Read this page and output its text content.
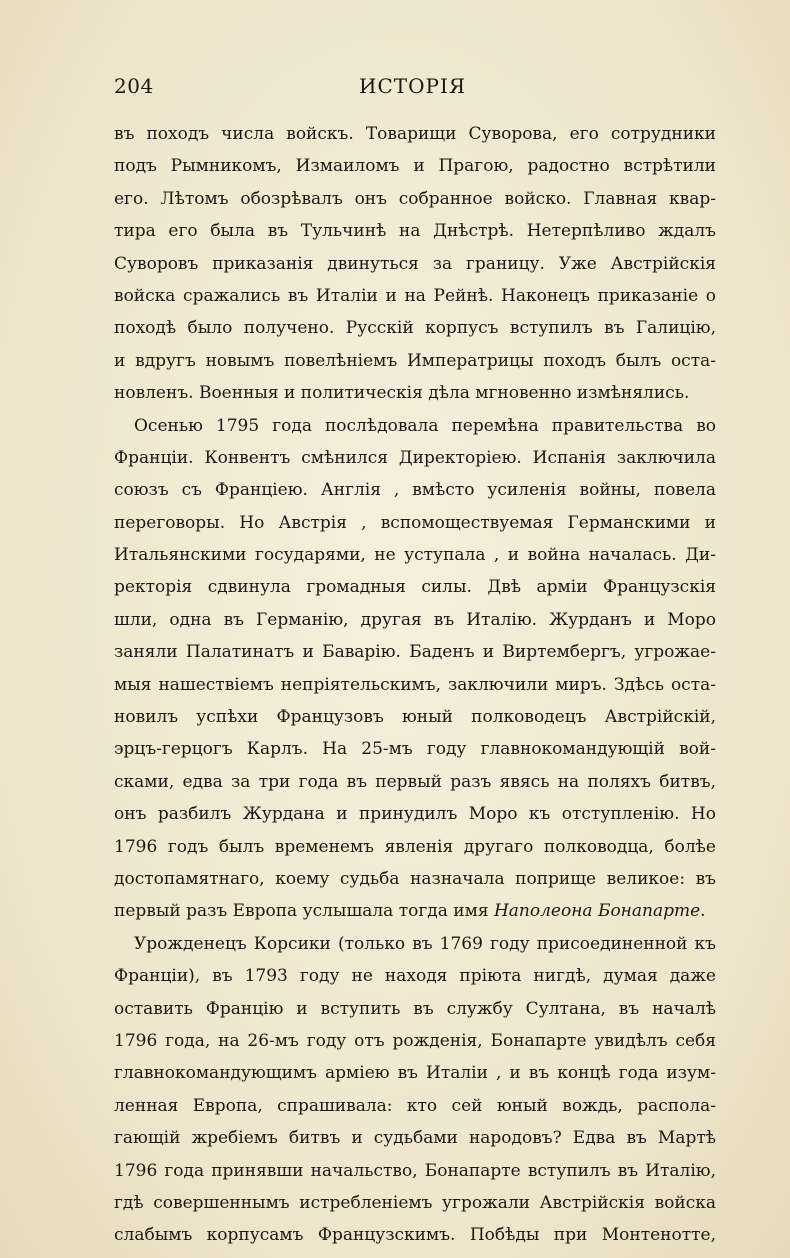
204	ИСТОРІЯ
въ походъ числа войскъ. Товарищи Суворова, его сотрудники
подъ Рымникомъ, Измаиломъ и Прагою, радостно встрѣтили
его. Лѣтомъ обозрѣвалъ онъ собранное войско. Главная квар-
тира его была въ Тульчинѣ на Днѣстрѣ. Нетерпѣливо ждалъ
Суворовъ приказанія двинуться за границу. Уже Австрійскія
войска сражались въ Италіи и на Рейнѣ. Наконецъ приказаніе о
походѣ было получено. Русскій корпусъ вступилъ въ Галицію,
и вдругъ новымъ повелѣніемъ Императрицы походъ былъ оста-
новленъ. Военныя и политическія дѣла мгновенно измѣнялись.
Осенью 1795 года послѣдовала перемѣна правительства во
Франціи. Конвентъ смѣнился Директоріею. Испанія заключила
союзъ съ Франціею. Англія , вмѣсто усиленія войны, повела
переговоры. Но Австрія , вспомоществуемая Германскими и
Итальянскими государями, не уступала , и война началась. Ди-
ректорія сдвинула громадныя силы. Двѣ арміи Французскія
шли, одна въ Германію, другая въ Италію. Журданъ и Моро
заняли Палатинатъ и Баварію. Баденъ и Виртембергъ, угрожае-
мыя нашествіемъ непріятельскимъ, заключили миръ. Здѣсь оста-
новилъ успѣхи Французовъ юный полководецъ Австрійскій,
эрцъ-герцогъ Карлъ. На 25-мъ году главнокомандующій вой-
сками, едва за три года въ первый разъ явясь на поляхъ битвъ,
онъ разбилъ Журдана и принудилъ Моро къ отступленію. Но
1796 годъ былъ временемъ явленія другаго полководца, болѣе
достопамятнаго, коему судьба назначала поприще великое: въ
первый разъ Европа услышала тогда имя Наполеона Бонапарте.
Урожденецъ Корсики (только въ 1769 году присоединенной къ
Франціи), въ 1793 году не находя пріюта нигдѣ, думая даже
оставить Францію и вступить въ службу Султана, въ началѣ
1796 года, на 26-мъ году отъ рожденія, Бонапарте увидѣлъ себя
главнокомандующимъ арміею въ Италіи , и въ концѣ года изум-
ленная Европа, спрашивала: кто сей юный вождь, распола-
гающій жребіемъ битвъ и судьбами народовъ? Едва въ Мартѣ
1796 года принявши начальство, Бонапарте вступилъ въ Италію,
гдѣ совершеннымъ истребленіемъ угрожали Австрійскія войска
слабымъ корпусамъ Французскимъ. Побѣды при Монтенотте,
